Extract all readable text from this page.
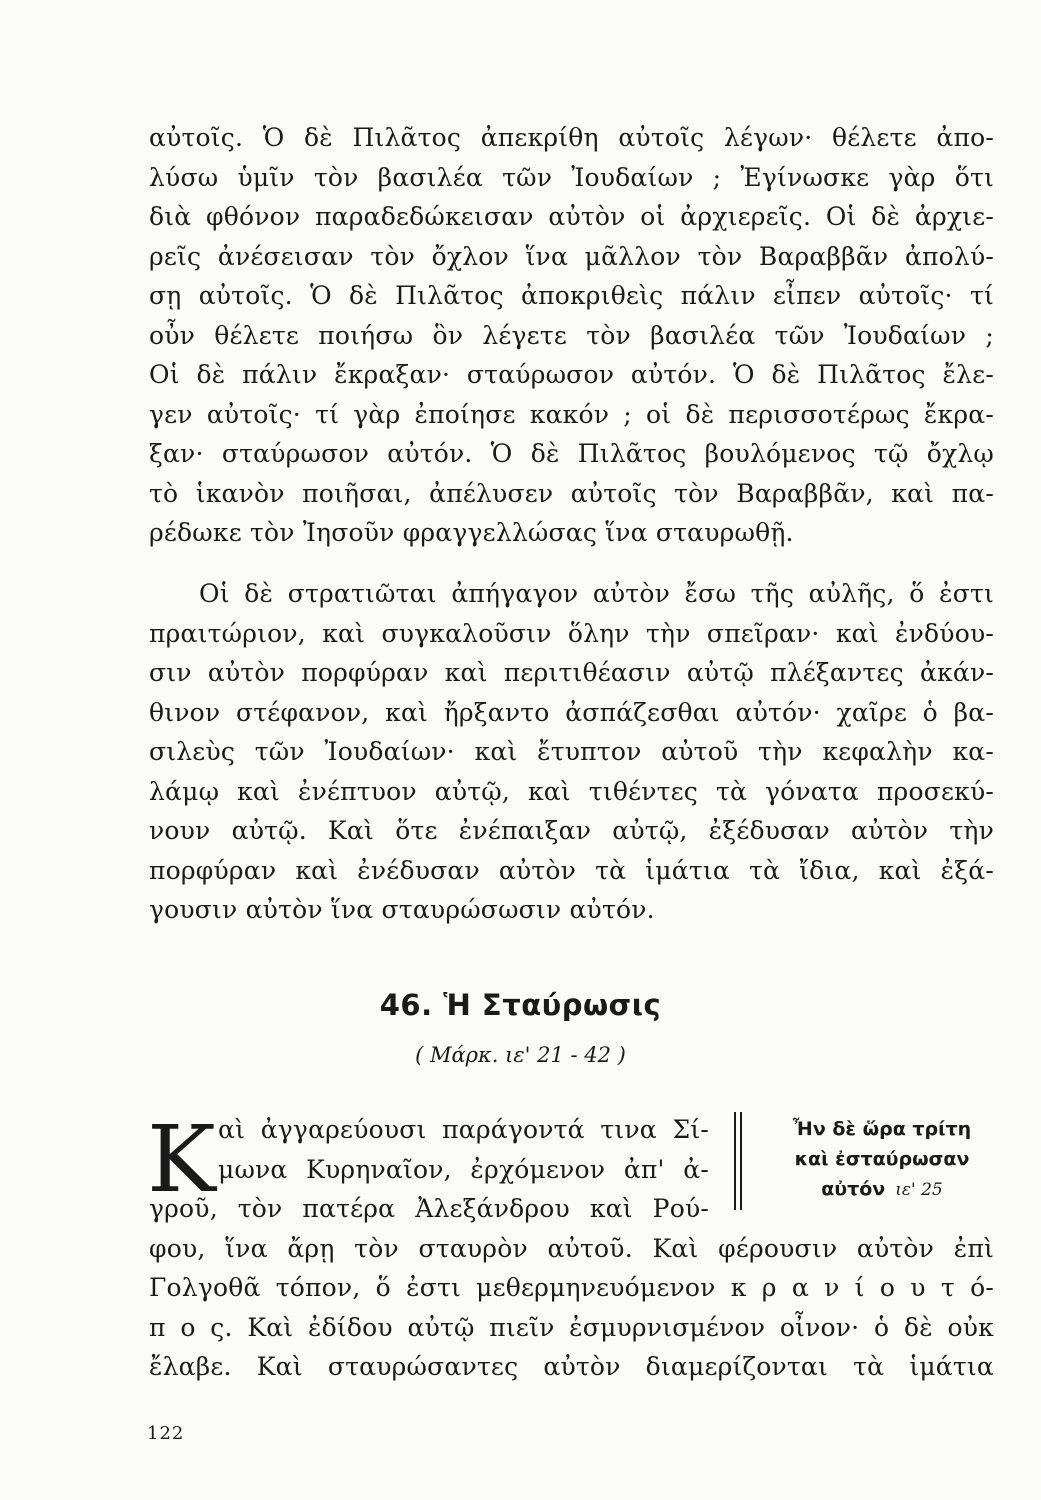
αὐτοῖς. Ὁ δὲ Πιλᾶτος ἀπεκρίθη αὐτοῖς λέγων· θέλετε ἀπο-
λύσω ὑμῖν τὸν βασιλέα τῶν Ἰουδαίων ; Ἐγίνωσκε γὰρ ὅτι
διὰ φθόνον παραδεδώκεισαν αὐτὸν οἱ ἀρχιερεῖς. Οἱ δὲ ἀρχιε-
ρεῖς ἀνέσεισαν τὸν ὄχλον ἵνα μᾶλλον τὸν Βαραββᾶν ἀπολύ-
σῃ αὐτοῖς. Ὁ δὲ Πιλᾶτος ἀποκριθεὶς πάλιν εἶπεν αὐτοῖς· τί
οὖν θέλετε ποιήσω ὃν λέγετε τὸν βασιλέα τῶν Ἰουδαίων ;
Οἱ δὲ πάλιν ἔκραξαν· σταύρωσον αὐτόν. Ὁ δὲ Πιλᾶτος ἔλε-
γεν αὐτοῖς· τί γὰρ ἐποίησε κακόν ; οἱ δὲ περισσοτέρως ἔκρα-
ξαν· σταύρωσον αὐτόν. Ὁ δὲ Πιλᾶτος βουλόμενος τῷ ὄχλῳ
τὸ ἱκανὸν ποιῆσαι, ἀπέλυσεν αὐτοῖς τὸν Βαραββᾶν, καὶ πα-
ρέδωκε τὸν Ἰησοῦν φραγγελλώσας ἵνα σταυρωθῇ.
Οἱ δὲ στρατιῶται ἀπήγαγον αὐτὸν ἔσω τῆς αὐλῆς, ὅ ἐστι
πραιτώριον, καὶ συγκαλοῦσιν ὅλην τὴν σπεῖραν· καὶ ἐνδύου-
σιν αὐτὸν πορφύραν καὶ περιτιθέασιν αὐτῷ πλέξαντες ἀκάν-
θινον στέφανον, καὶ ἤρξαντο ἀσπάζεσθαι αὐτόν· χαῖρε ὁ βα-
σιλεὺς τῶν Ἰουδαίων· καὶ ἔτυπτον αὐτοῦ τὴν κεφαλὴν κα-
λάμῳ καὶ ἐνέπτυον αὐτῷ, καὶ τιθέντες τὰ γόνατα προσεκύ-
νουν αὐτῷ. Καὶ ὅτε ἐνέπαιξαν αὐτῷ, ἐξέδυσαν αὐτὸν τὴν
πορφύραν καὶ ἐνέδυσαν αὐτὸν τὰ ἱμάτια τὰ ἴδια, καὶ ἐξά-
γουσιν αὐτὸν ἵνα σταυρώσωσιν αὐτόν.
46. Ἡ Σταύρωσις
( Μάρκ. ιε' 21 - 42 )
Κ αὶ ἀγγαρεύουσι παράγοντά τινα Σί-
μωνα Κυρηναῖον, ἐρχόμενον ἀπ' ἀ-
γροῦ, τὸν πατέρα Ἀλεξάνδρου καὶ Ρού-
φου, ἵνα ἄρῃ τὸν σταυρὸν αὐτοῦ. Καὶ φέρουσιν αὐτὸν ἐπὶ
Γολγοθᾶ τόπον, ὅ ἐστι μεθερμηνευόμενον κ ρ α ν ί ο υ τ ό-
π ο ς. Καὶ ἐδίδου αὐτῷ πιεῖν ἐσμυρνισμένον οἶνον· ὁ δὲ οὐκ
ἔλαβε. Καὶ σταυρώσαντες αὐτὸν διαμερίζονται τὰ ἱμάτια
Ἦν δὲ ὥρα τρίτη
καὶ ἐσταύρωσαν
αὐτόν ιε' 25
122
